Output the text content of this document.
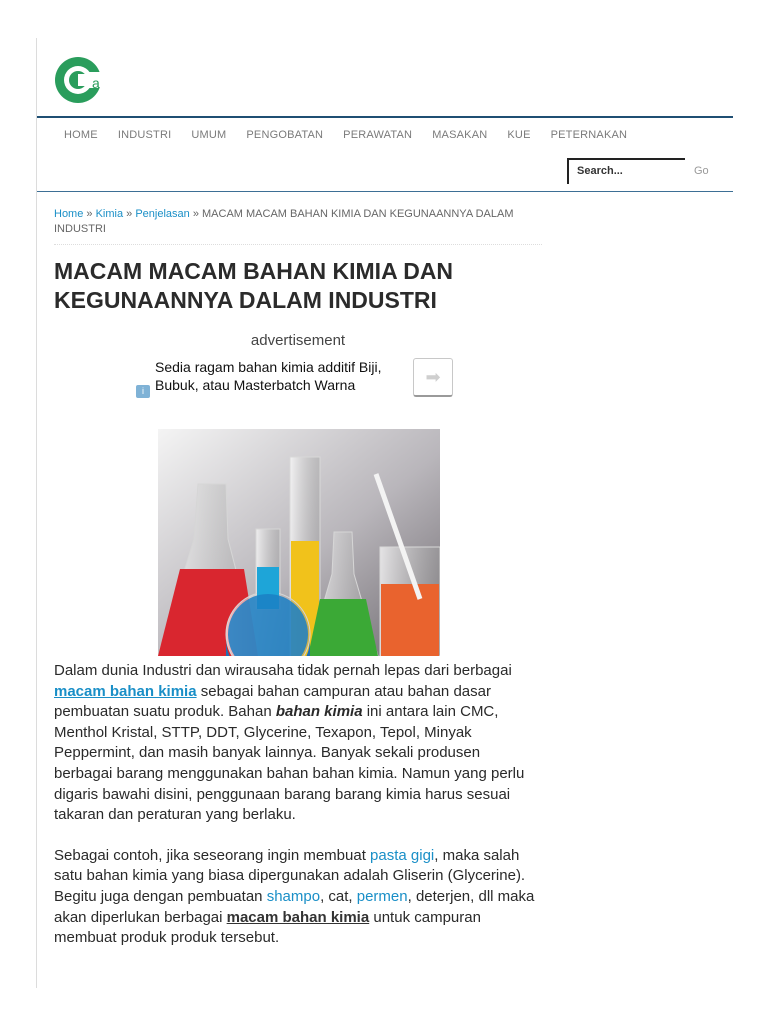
a
HOME INDUSTRI UMUM PENGOBATAN PERAWATAN MASAKAN KUE PETERNAKAN
Search...	Go
Home » Kimia » Penjelasan » MACAM MACAM BAHAN KIMIA DAN KEGUNAANNYA DALAM INDUSTRI
MACAM MACAM BAHAN KIMIA DAN KEGUNAANNYA DALAM INDUSTRI
advertisement
i
Sedia ragam bahan kimia additif Biji, Bubuk, atau Masterbatch Warna	➡

Dalam dunia Industri dan wirausaha tidak pernah lepas dari berbagai macam bahan kimia sebagai bahan campuran atau bahan dasar pembuatan suatu produk. Bahan bahan kimia ini antara lain CMC, Menthol Kristal, STTP, DDT, Glycerine, Texapon, Tepol, Minyak Peppermint, dan masih banyak lainnya. Banyak sekali produsen berbagai barang menggunakan bahan bahan kimia. Namun yang perlu digaris bawahi disini, penggunaan barang barang kimia harus sesuai takaran dan peraturan yang berlaku.

Sebagai contoh, jika seseorang ingin membuat pasta gigi, maka salah satu bahan kimia yang biasa dipergunakan adalah Gliserin (Glycerine). Begitu juga dengan pembuatan shampo, cat, permen, deterjen, dll maka akan diperlukan berbagai macam bahan kimia untuk campuran membuat produk produk tersebut.
